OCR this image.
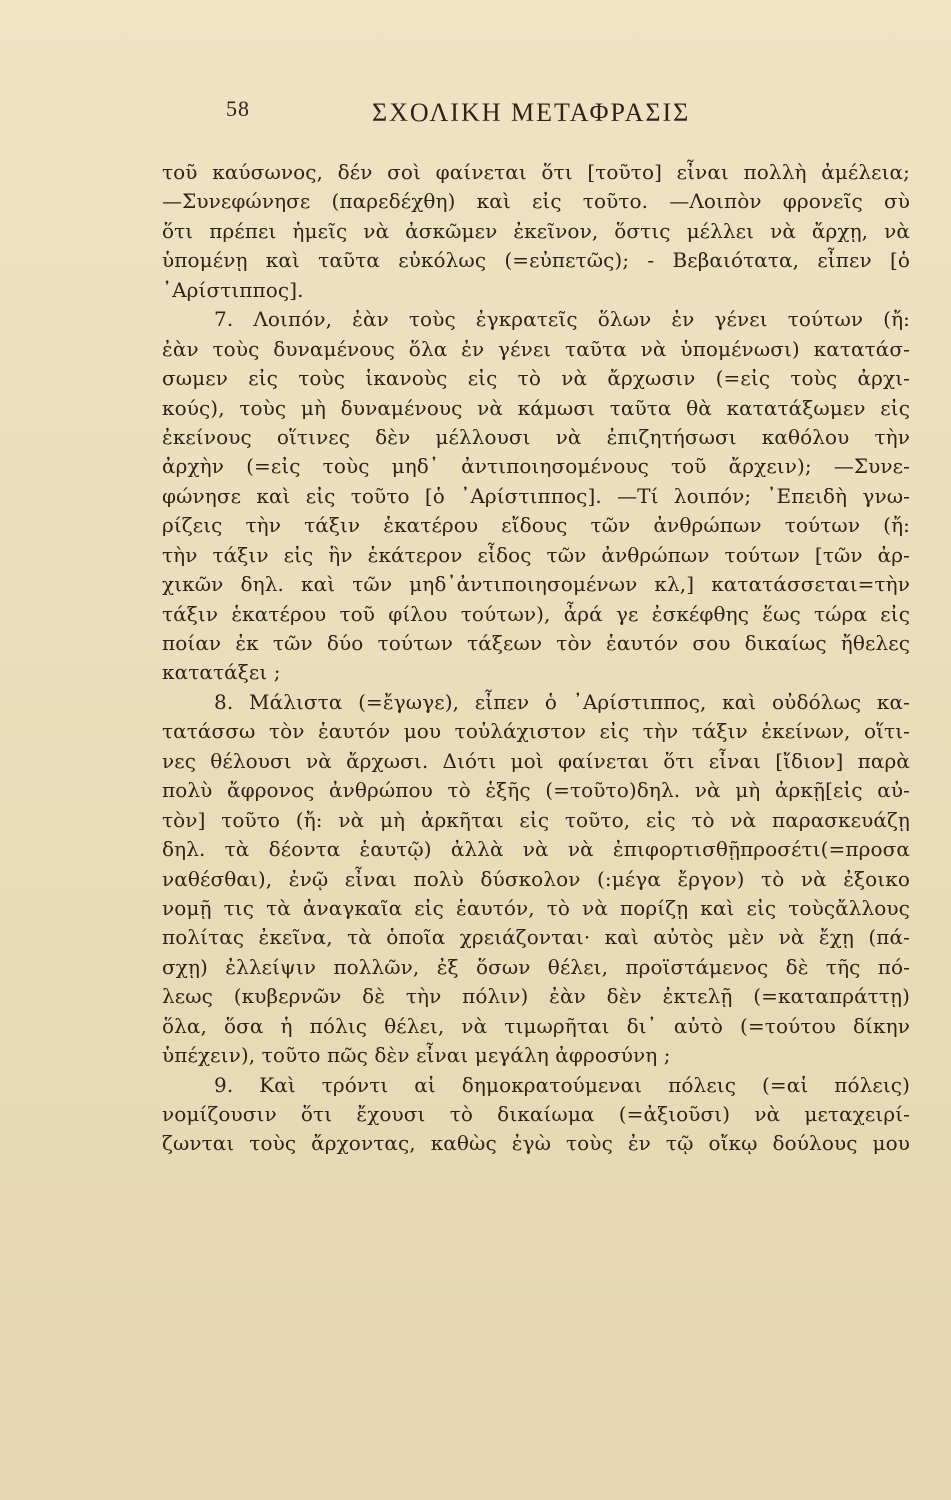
58	ΣΧΟΛΙΚΗ ΜΕΤΑΦΡΑΣΙΣ
τοῦ καύσωνος, δέν σοὶ φαίνεται ὅτι [τοῦτο] εἶναι πολλὴ ἀμέλεια;
—Συνεφώνησε (παρεδέχθη) καὶ εἰς τοῦτο. —Λοιπὸν φρονεῖς σὺ
ὅτι πρέπει ἡμεῖς νὰ ἀσκῶμεν ἐκεῖνον, ὅστις μέλλει νὰ ἄρχῃ, νὰ
ὑπομένῃ καὶ ταῦτα εὐκόλως (=εὐπετῶς); - Βεβαιότατα, εἶπεν [ὁ
᾿Αρίστιππος].
7. Λοιπόν, ἐὰν τοὺς ἐγκρατεῖς ὅλων ἐν γένει τούτων (ἤ:
ἐὰν τοὺς δυναμένους ὅλα ἐν γένει ταῦτα νὰ ὑπομένωσι) κατατάσ-
σωμεν εἰς τοὺς ἱκανοὺς εἰς τὸ νὰ ἄρχωσιν (=εἰς τοὺς ἀρχι-
κούς), τοὺς μὴ δυναμένους νὰ κάμωσι ταῦτα θὰ κατατάξωμεν εἰς
ἐκείνους οἵτινες δὲν μέλλουσι νὰ ἐπιζητήσωσι καθόλου τὴν
ἀρχὴν (=εἰς τοὺς μηδ᾿ ἀντιποιησομένους τοῦ ἄρχειν); —Συνε-
φώνησε καὶ εἰς τοῦτο [ὁ ᾿Αρίστιππος]. —Τί λοιπόν; ᾿Επειδὴ γνω-
ρίζεις τὴν τάξιν ἑκατέρου εἴδους τῶν ἀνθρώπων τούτων (ἤ:
τὴν τάξιν εἰς ἣν ἑκάτερον εἶδος τῶν ἀνθρώπων τούτων [τῶν ἀρ-
χικῶν δηλ. καὶ τῶν μηδ᾿ἀντιποιησομένων κλ,] κατατάσσεται=τὴν
τάξιν ἑκατέρου τοῦ φίλου τούτων), ἆρά γε ἐσκέφθης ἕως τώρα εἰς
ποίαν ἐκ τῶν δύο τούτων τάξεων τὸν ἑαυτόν σου δικαίως ἤθελες
κατατάξει ;
8. Μάλιστα (=ἔγωγε), εἶπεν ὁ ᾿Αρίστιππος, καὶ οὐδόλως κα-
τατάσσω τὸν ἑαυτόν μου τοὐλάχιστον εἰς τὴν τάξιν ἐκείνων, οἵτι-
νες θέλουσι νὰ ἄρχωσι. Διότι μοὶ φαίνεται ὅτι εἶναι [ἴδιον] παρὰ
πολὺ ἄφρονος ἀνθρώπου τὸ ἑξῆς (=τοῦτο)δηλ. νὰ μὴ ἀρκῇ[εἰς αὐ-
τὸν] τοῦτο (ἤ: νὰ μὴ ἀρκῆται εἰς τοῦτο, εἰς τὸ νὰ παρασκευάζῃ
δηλ. τὰ δέοντα ἑαυτῷ) ἀλλὰ νὰ νὰ ἐπιφορτισθῇπροσέτι(=προσα
ναθέσθαι), ἐνῷ εἶναι πολὺ δύσκολον (:μέγα ἔργον) τὸ νὰ ἐξοικο
νομῇ τις τὰ ἀναγκαῖα εἰς ἑαυτόν, τὸ νὰ πορίζῃ καὶ εἰς τοὺςἄλλους
πολίτας ἐκεῖνα, τὰ ὁποῖα χρειάζονται· καὶ αὐτὸς μὲν νὰ ἔχῃ (πά-
σχῃ) ἐλλείψιν πολλῶν, ἐξ ὅσων θέλει, προϊστάμενος δὲ τῆς πό-
λεως (κυβερνῶν δὲ τὴν πόλιν) ἐὰν δὲν ἐκτελῇ (=καταπράττῃ)
ὅλα, ὅσα ἡ πόλις θέλει, νὰ τιμωρῆται δι᾿ αὐτὸ (=τούτου δίκην
ὑπέχειν), τοῦτο πῶς δὲν εἶναι μεγάλη ἀφροσύνη ;
9. Καὶ τρόντι αἱ δημοκρατούμεναι πόλεις (=αἱ πόλεις)
νομίζουσιν ὅτι ἔχουσι τὸ δικαίωμα (=ἀξιοῦσι) νὰ μεταχειρί-
ζωνται τοὺς ἄρχοντας, καθὼς ἐγὼ τοὺς ἐν τῷ οἴκῳ δούλους μου
